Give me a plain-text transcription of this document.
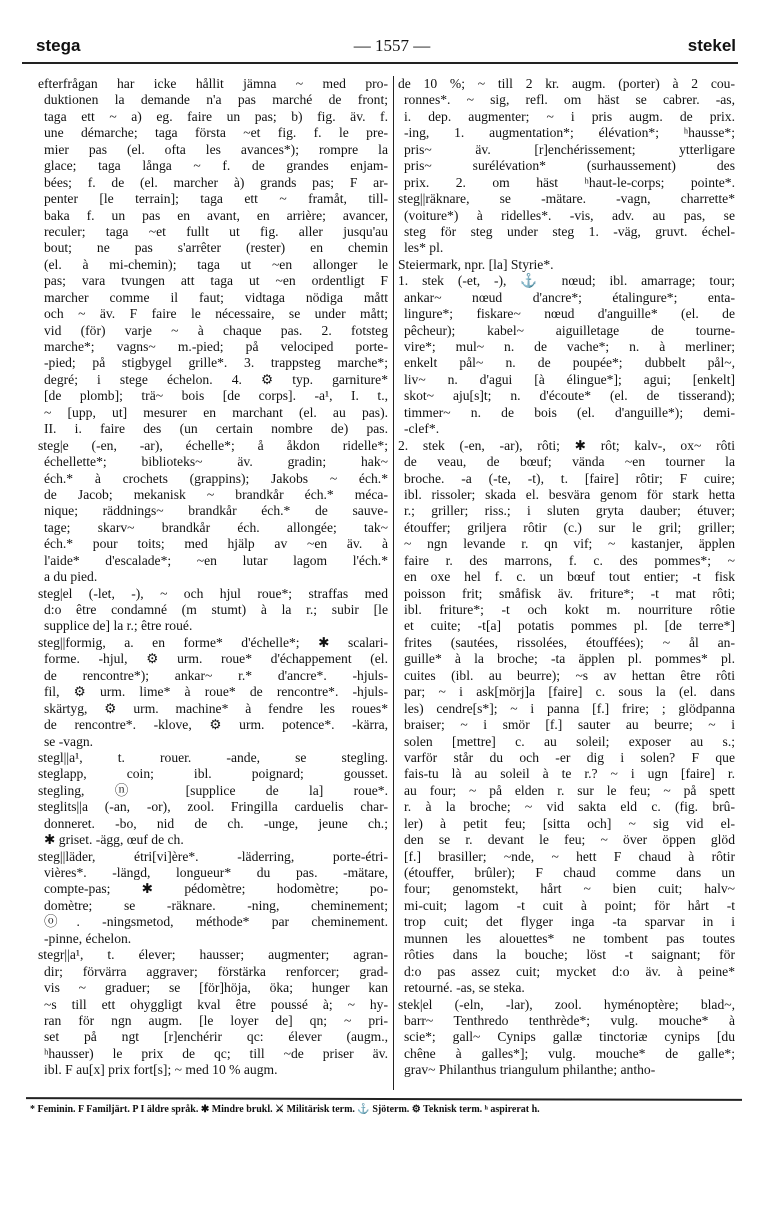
stega	— 1557 —	stekel
efterfrågan har icke hållit jämna ~ med pro-
duktionen la demande n'a pas marché de front;
taga ett ~ a) eg. faire un pas; b) fig. äv. f.
une démarche; taga första ~et fig. f. le pre-
mier pas (el. ofta les avances*); rompre la
glace; taga långa ~ f. de grandes enjam-
bées; f. de (el. marcher à) grands pas; F ar-
penter [le terrain]; taga ett ~ framåt, till-
baka f. un pas en avant, en arrière; avancer,
reculer; taga ~et fullt ut fig. aller jusqu'au
bout; ne pas s'arrêter (rester) en chemin
(el. à mi-chemin); taga ut ~en allonger le
pas; vara tvungen att taga ut ~en ordentligt F
marcher comme il faut; vidtaga nödiga mått
och ~ äv. F faire le nécessaire, se under mått;
vid (för) varje ~ à chaque pas. 2. fotsteg
marche*; vagns~ m.-pied; på velociped porte-
-pied; på stigbygel grille*. 3. trappsteg marche*;
degré; i stege échelon. 4. ⚙ typ. garniture*
[de plomb]; trä~ bois [de corps]. -a¹, I. t.,
~ [upp, ut] mesurer en marchant (el. au pas).
II. i. faire des (un certain nombre de) pas.
steg|e (-en, -ar), échelle*; å åkdon ridelle*;
échellette*; biblioteks~ äv. gradin; hak~
éch.* à crochets (grappins); Jakobs ~ éch.*
de Jacob; mekanisk ~ brandkår éch.* méca-
nique; räddnings~ brandkår éch.* de sauve-
tage; skarv~ brandkår éch. allongée; tak~
éch.* pour toits; med hjälp av ~en äv. à
l'aide* d'escalade*; ~en lutar lagom l'éch.*
a du pied.
steg|el (-let, -), ~ och hjul roue*; straffas med
d:o être condamné (m stumt) à la r.; subir [le
supplice de] la r.; être roué.
steg||formig, a. en forme* d'échelle*; ✱ scalari-
forme. -hjul, ⚙ urm. roue* d'échappement (el.
de rencontre*); ankar~ r.* d'ancre*. -hjuls-
fil, ⚙ urm. lime* à roue* de rencontre*. -hjuls-
skärtyg, ⚙ urm. machine* à fendre les roues*
de rencontre*. -klove, ⚙ urm. potence*. -kärra,
se -vagn.
stegl||a¹, t. rouer. -ande, se stegling.
steglapp, coin; ibl. poignard; gousset.
stegling, ⓝ [supplice de la] roue*.
steglits||a (-an, -or), zool. Fringilla carduelis char-
donneret. -bo, nid de ch. -unge, jeune ch.;
✱ griset. -ägg, œuf de ch.
steg||läder, étri[vi]ère*. -läderring, porte-étri-
vières*. -längd, longueur* du pas. -mätare,
compte-pas; ✱ pédomètre; hodomètre; po-
domètre; se -räknare. -ning, cheminement;
ⓞ. -ningsmetod, méthode* par cheminement.
-pinne, échelon.
stegr||a¹, t. élever; hausser; augmenter; agran-
dir; förvärra aggraver; förstärka renforcer; grad-
vis ~ graduer; se [för]höja, öka; hunger kan
~s till ett ohyggligt kval être poussé à; ~ hy-
ran för ngn augm. [le loyer de] qn; ~ pri-
set på ngt [r]enchérir qc: élever (augm.,
ʰhausser) le prix de qc; till ~de priser äv.
ibl. F au[x] prix fort[s]; ~ med 10 % augm.
de 10 %; ~ till 2 kr. augm. (porter) à 2 cou-
ronnes*. ~ sig, refl. om häst se cabrer. -as,
i. dep. augmenter; ~ i pris augm. de prix.
-ing, 1. augmentation*; élévation*; ʰhausse*;
pris~ äv. [r]enchérissement; ytterligare
pris~ surélévation* (surhaussement) des
prix. 2. om häst ʰhaut-le-corps; pointe*.
steg||räknare, se -mätare. -vagn, charrette*
(voiture*) à ridelles*. -vis, adv. au pas, se
steg för steg under steg 1. -väg, gruvt. échel-
les* pl.
Steiermark, npr. [la] Styrie*.
1. stek (-et, -), ⚓ nœud; ibl. amarrage; tour;
ankar~ nœud d'ancre*; étalingure*; enta-
lingure*; fiskare~ nœud d'anguille* (el. de
pêcheur); kabel~ aiguilletage de tourne-
vire*; mul~ n. de vache*; n. à merliner;
enkelt pål~ n. de poupée*; dubbelt pål~,
liv~ n. d'agui [à élingue*]; agui; [enkelt]
skot~ aju[s]t; n. d'écoute* (el. de tisserand);
timmer~ n. de bois (el. d'anguille*); demi-
-clef*.
2. stek (-en, -ar), rôti; ✱ rôt; kalv-, ox~ rôti
de veau, de bœuf; vända ~en tourner la
broche. -a (-te, -t), t. [faire] rôtir; F cuire;
ibl. rissoler; skada el. besvära genom för stark hetta
r.; griller; riss.; i sluten gryta dauber; étuver;
étouffer; griljera rôtir (c.) sur le gril; griller;
~ ngn levande r. qn vif; ~ kastanjer, äpplen
faire r. des marrons, f. c. des pommes*; ~
en oxe hel f. c. un bœuf tout entier; -t fisk
poisson frit; småfisk äv. friture*; -t mat rôti;
ibl. friture*; -t och kokt m. nourriture rôtie
et cuite; -t[a] potatis pommes pl. [de terre*]
frites (sautées, rissolées, étouffées); ~ ål an-
guille* à la broche; -ta äpplen pl. pommes* pl.
cuites (ibl. au beurre); ~s av hettan être rôti
par; ~ i ask[mörj]a [faire] c. sous la (el. dans
les) cendre[s*]; ~ i panna [f.] frire; ; glödpanna
braiser; ~ i smör [f.] sauter au beurre; ~ i
solen [mettre] c. au soleil; exposer au s.;
varför står du och -er dig i solen? F que
fais-tu là au soleil à te r.? ~ i ugn [faire] r.
au four; ~ på elden r. sur le feu; ~ på spett
r. à la broche; ~ vid sakta eld c. (fig. brû-
ler) à petit feu; [sitta och] ~ sig vid el-
den se r. devant le feu; ~ över öppen glöd
[f.] brasiller; ~nde, ~ hett F chaud à rôtir
(étouffer, brûler); F chaud comme dans un
four; genomstekt, hårt ~ bien cuit; halv~
mi-cuit; lagom -t cuit à point; för hårt -t
trop cuit; det flyger inga -ta sparvar in i
munnen les alouettes* ne tombent pas toutes
rôties dans la bouche; löst -t saignant; för
d:o pas assez cuit; mycket d:o äv. à peine*
retourné. -as, se steka.
stek|el (-eln, -lar), zool. hyménoptère; blad~,
barr~ Tenthredo tenthrède*; vulg. mouche* à
scie*; gall~ Cynips gallæ tinctoriæ cynips [du
chêne à galles*]; vulg. mouche* de galle*;
grav~ Philanthus triangulum philanthe; antho-
* Feminin. F Familjärt. P I äldre språk. ✱ Mindre brukl. ⚔ Militärisk term. ⚓ Sjöterm. ⚙ Teknisk term. ʰ aspirerat h.
